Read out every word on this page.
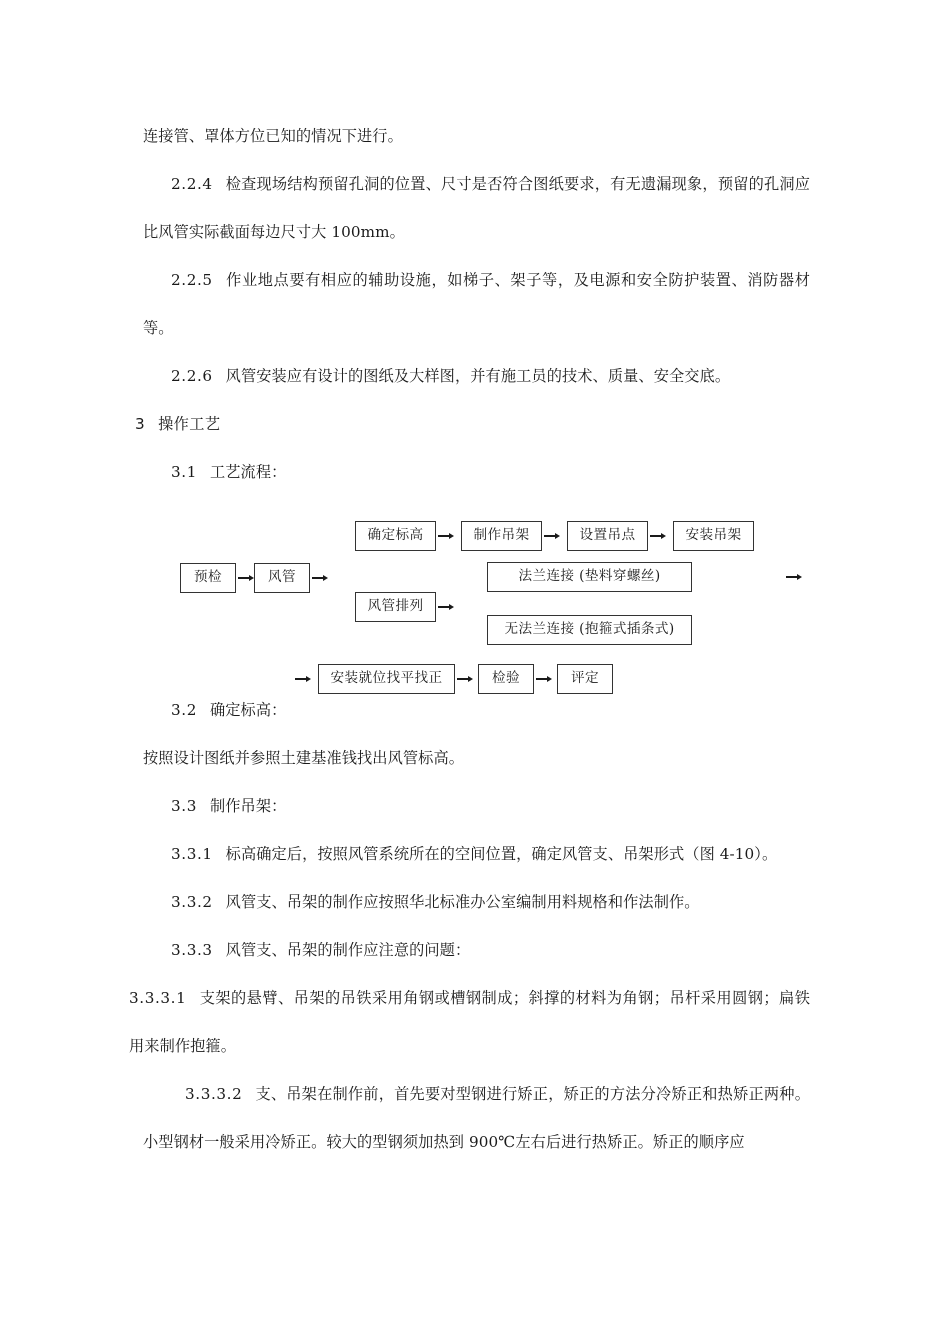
连接管、罩体方位已知的情况下进行。

2.2.4 检查现场结构预留孔洞的位置、尺寸是否符合图纸要求，有无遗漏现象，预留的孔洞应比风管实际截面每边尺寸大 100mm。

2.2.5 作业地点要有相应的辅助设施，如梯子、架子等，及电源和安全防护装置、消防器材等。

2.2.6 风管安装应有设计的图纸及大样图，并有施工员的技术、质量、安全交底。

3 操作工艺

3.1 工艺流程：

3.2 确定标高：

按照设计图纸并参照土建基准钱找出风管标高。

3.3 制作吊架：

3.3.1 标高确定后，按照风管系统所在的空间位置，确定风管支、吊架形式（图 4-10）。

3.3.2 风管支、吊架的制作应按照华北标准办公室编制用料规格和作法制作。

3.3.3 风管支、吊架的制作应注意的问题：

3.3.3.1 支架的悬臂、吊架的吊铁采用角钢或槽钢制成；斜撑的材料为角钢；吊杆采用圆钢；扁铁用来制作抱箍。

3.3.3.2 支、吊架在制作前，首先要对型钢进行矫正，矫正的方法分冷矫正和热矫正两种。小型钢材一般采用冷矫正。较大的型钢须加热到 900℃左右后进行热矫正。矫正的顺序应

预检	风管
确定标高	制作吊架	设置吊点	安装吊架
风管排列
法兰连接 (垫料穿螺丝)
无法兰连接 (抱箍式插条式)
安装就位找平找正	检验	评定
